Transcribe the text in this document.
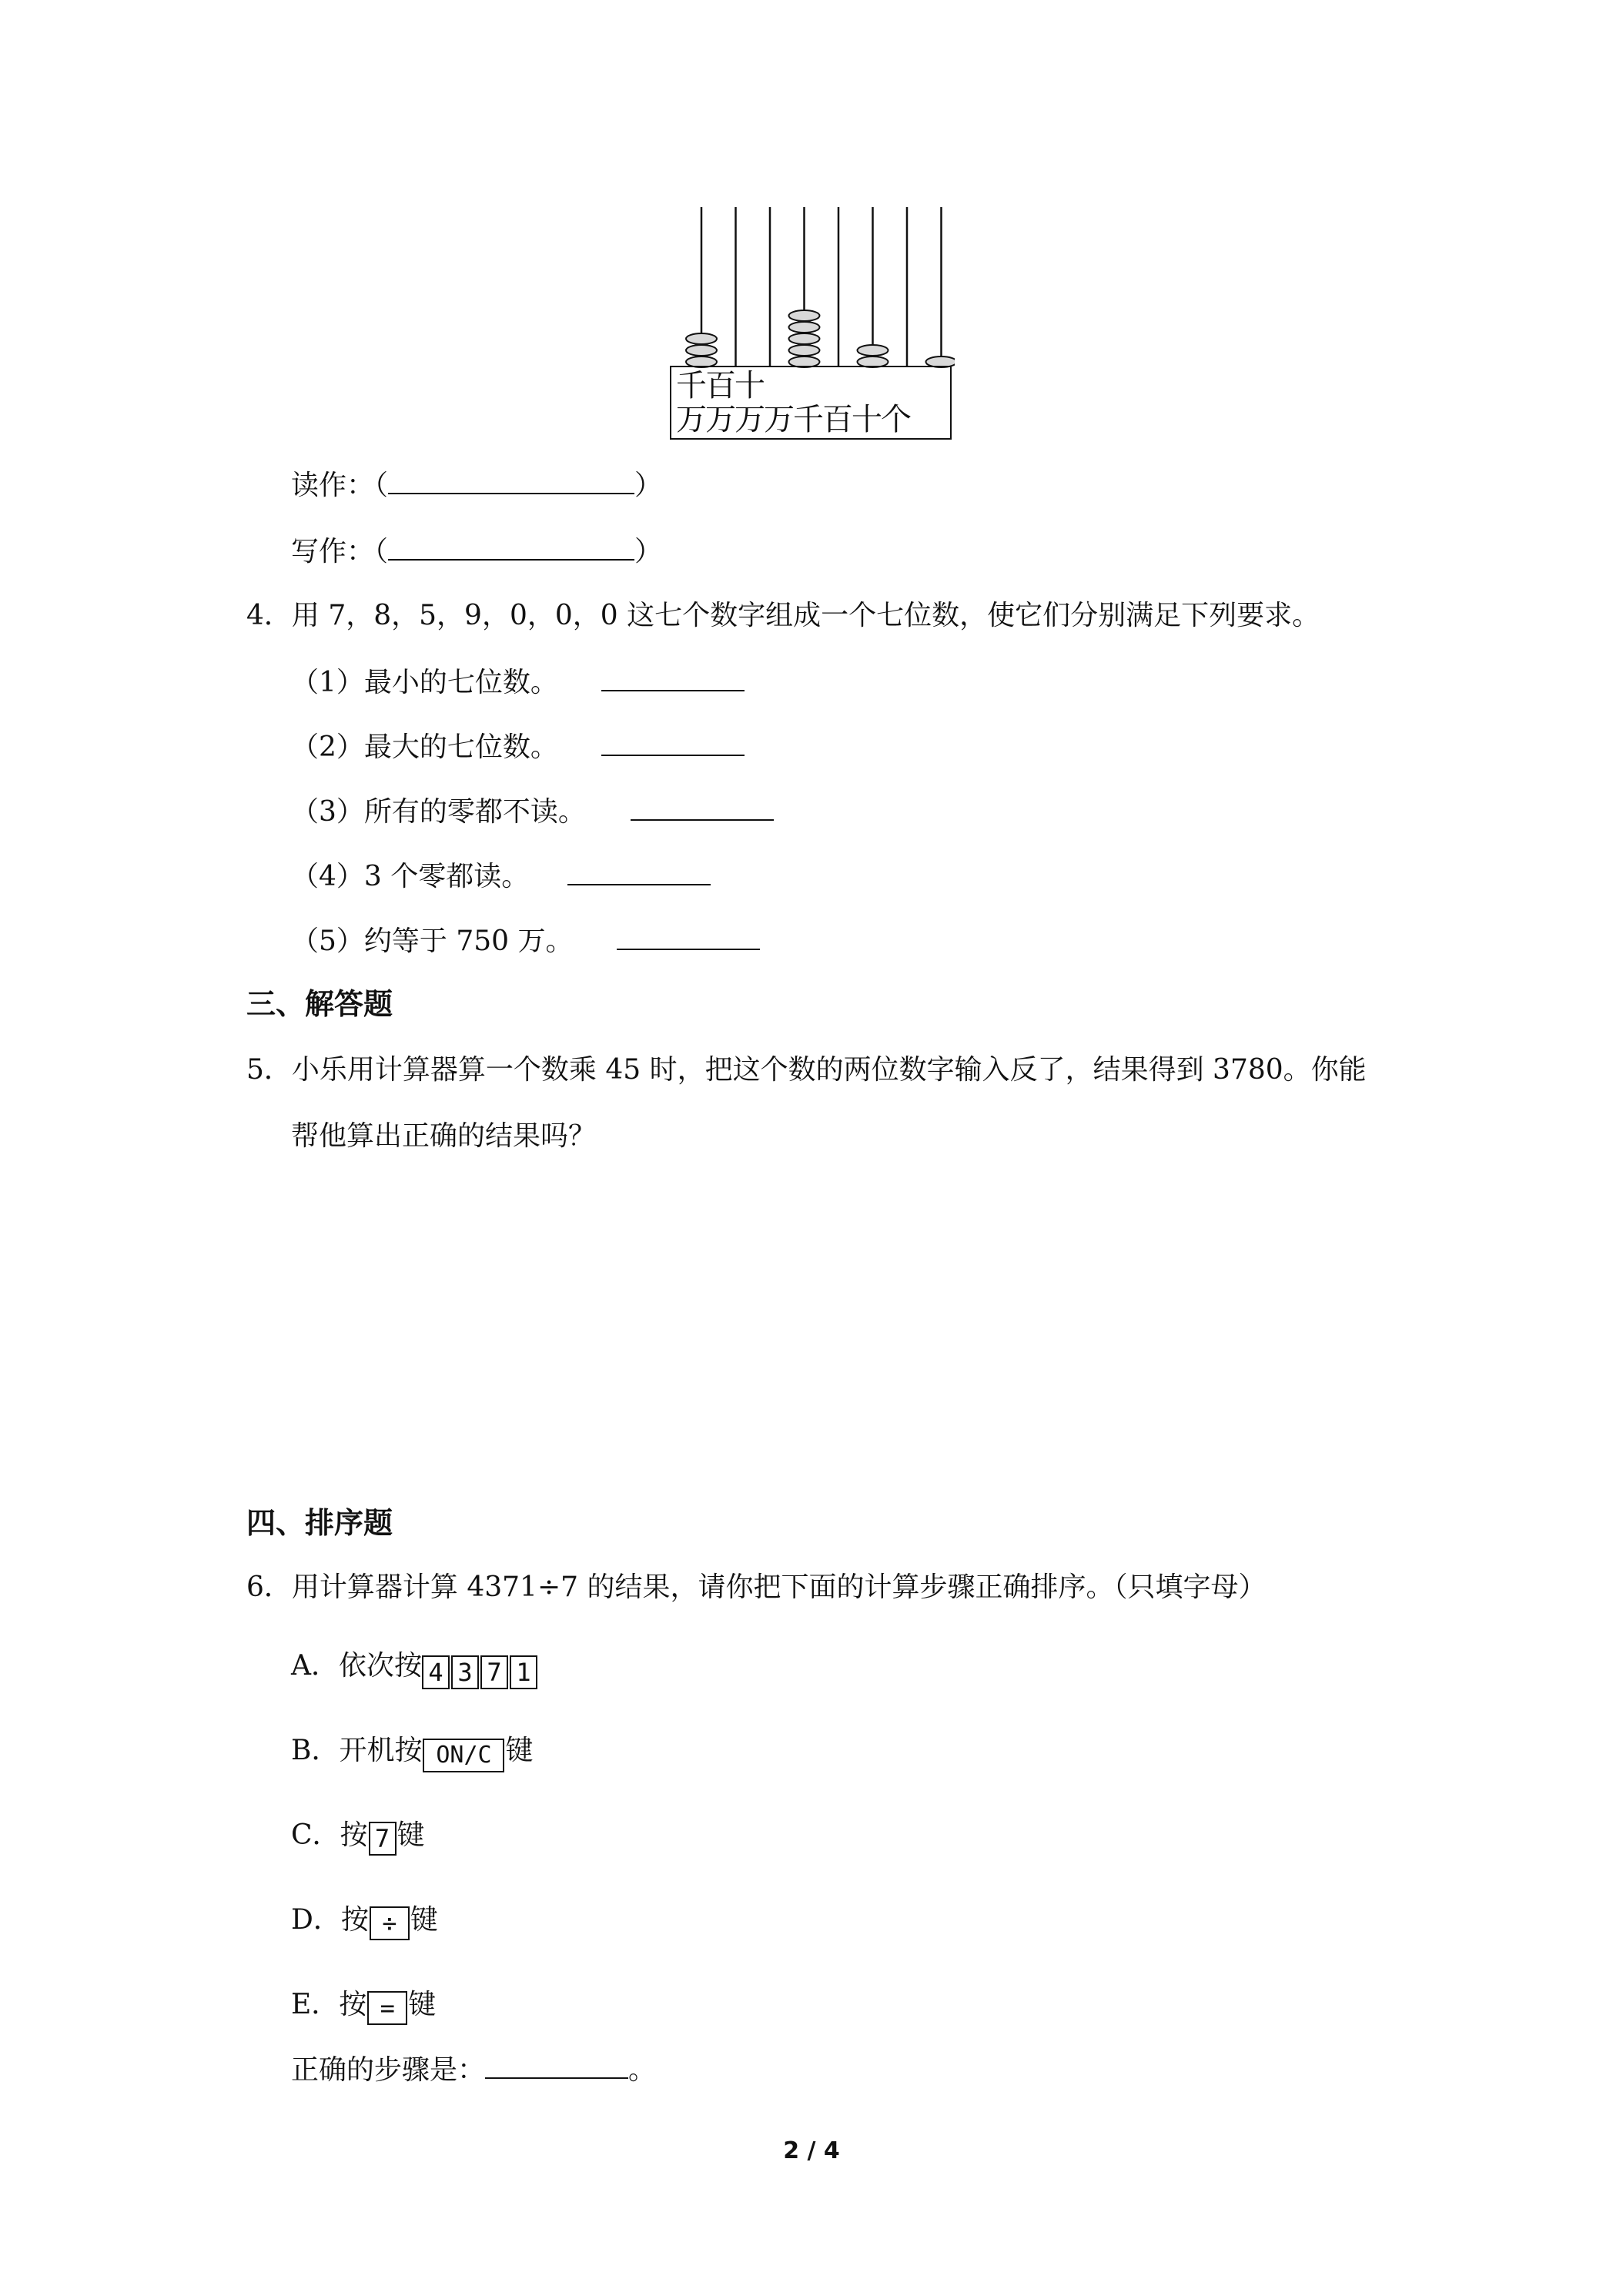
千百十
万万万万千百十个
读作：（	）
写作：（	）
4．用 7，8，5，9，0，0，0 这七个数字组成一个七位数，使它们分别满足下列要求。
（1）最小的七位数。
（2）最大的七位数。
（3）所有的零都不读。
（4）3 个零都读。
（5）约等于 750 万。
三、解答题
5．小乐用计算器算一个数乘 45 时，把这个数的两位数字输入反了，结果得到 3780。你能
帮他算出正确的结果吗？
四、排序题
6．用计算器计算 4371÷7 的结果，请你把下面的计算步骤正确排序。（只填字母）
A．依次按 4 3 7 1
B．开机按 ON/C 键
C．按 7 键
D．按 ÷ 键
E．按 = 键
正确的步骤是：	。
2 / 4
